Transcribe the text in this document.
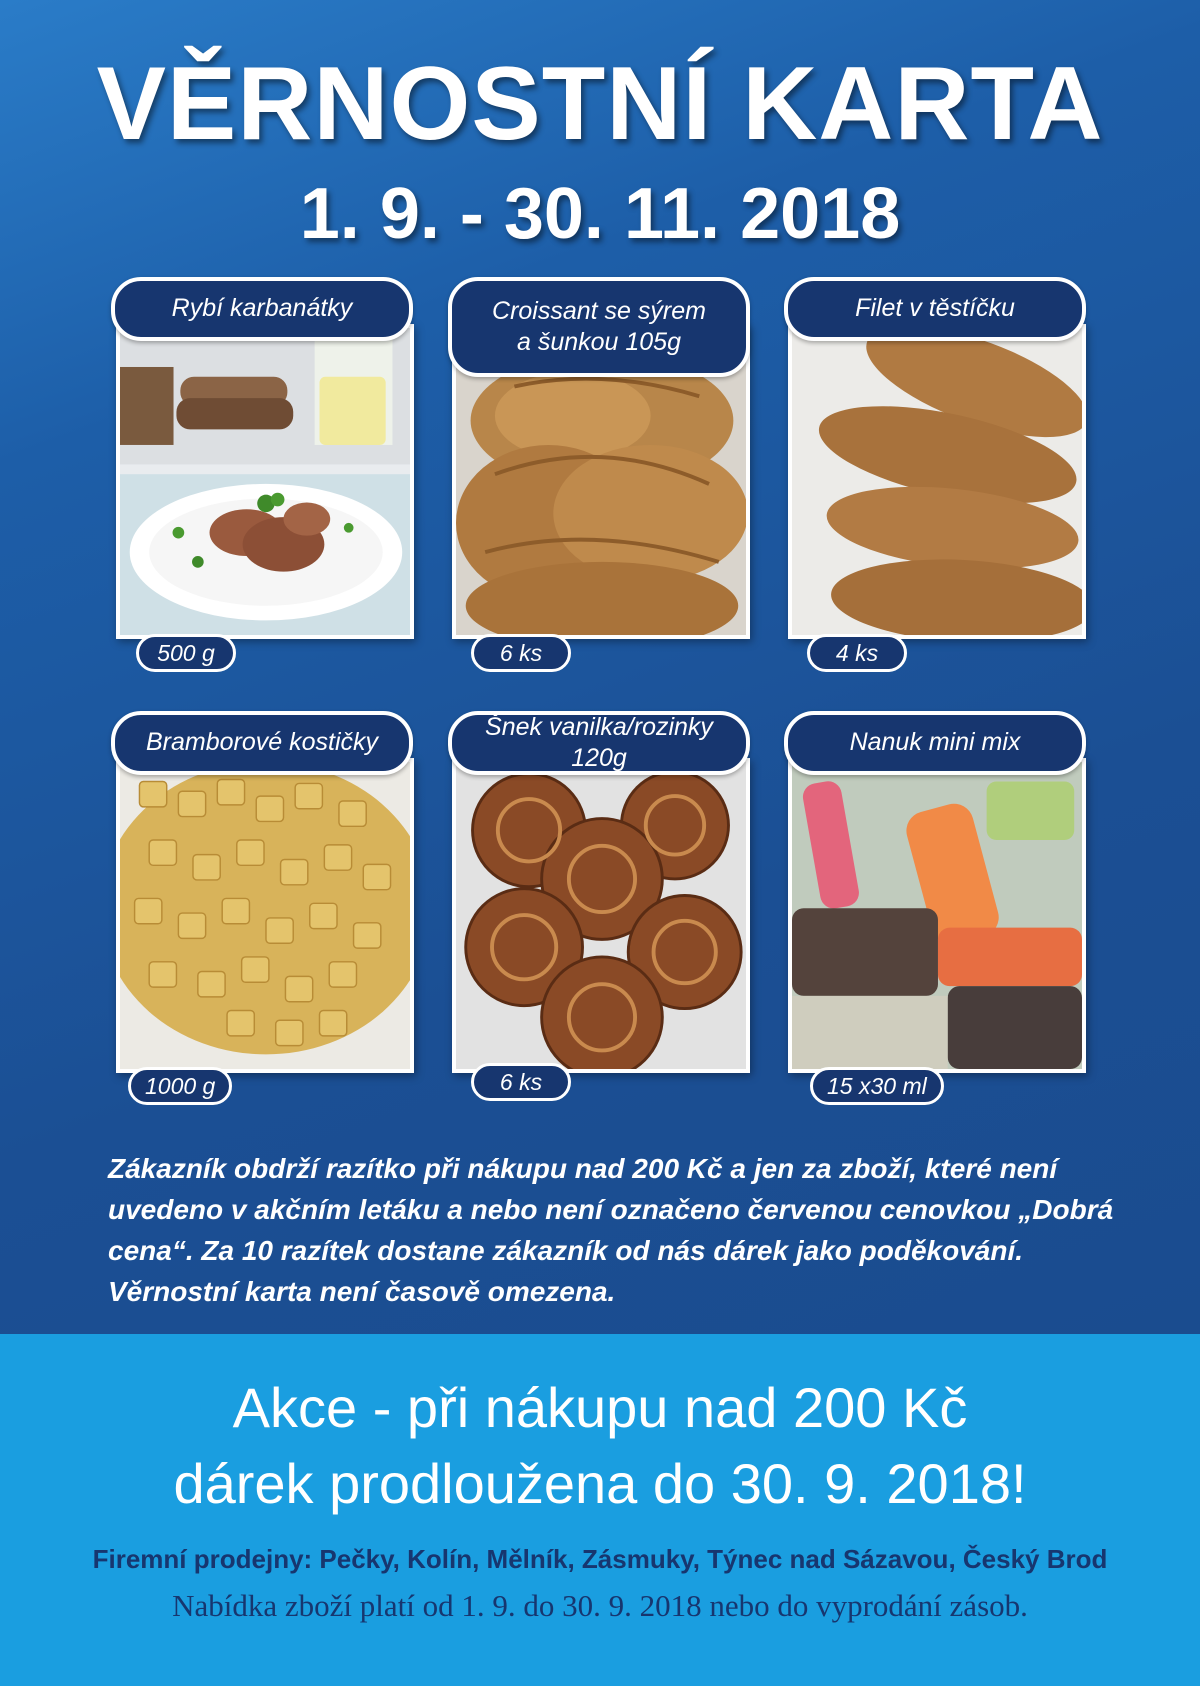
VĚRNOSTNÍ KARTA
1. 9. - 30. 11. 2018
Rybí karbanátky
500 g
Croissant se sýrem
a šunkou 105g
6 ks
Filet v těstíčku
4 ks
Bramborové kostičky
1000 g
Šnek vanilka/rozinky 120g
6 ks
Nanuk mini mix
15 x30 ml
Zákazník obdrží razítko při nákupu nad 200 Kč a jen za zboží, které není uvedeno v akčním letáku a nebo není označeno červenou cenovkou „Dobrá cena“. Za 10 razítek dostane zákazník od nás dárek jako poděkování. Věrnostní karta není časově omezena.
Akce - při nákupu nad 200 Kč
dárek prodloužena do 30. 9. 2018!
Firemní prodejny: Pečky, Kolín, Mělník, Zásmuky, Týnec nad Sázavou, Český Brod
Nabídka zboží platí od 1. 9. do 30. 9. 2018 nebo do vyprodání zásob.
